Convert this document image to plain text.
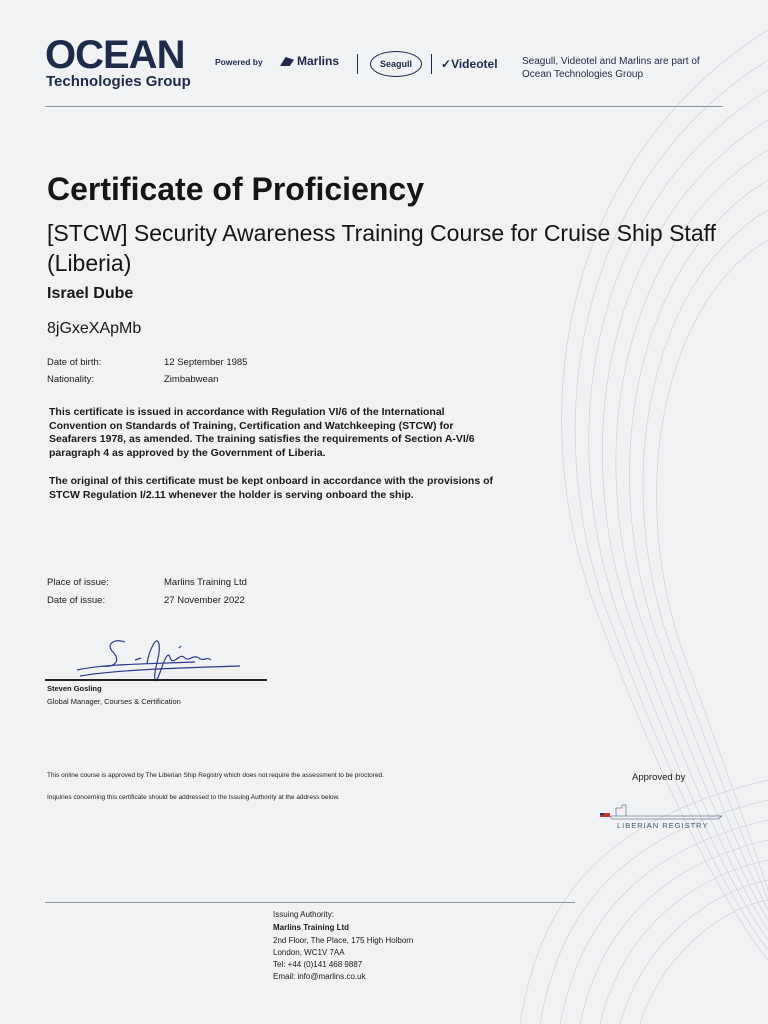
OCEAN
Technologies Group
Powered by	Marlins	Seagull	✓Videotel Seagull, Videotel and Marlins are part of Ocean Technologies Group
Certificate of Proficiency
[STCW] Security Awareness Training Course for Cruise Ship Staff (Liberia)
Israel Dube
8jGxeXApMb
Date of birth:	12 September 1985
Nationality:	Zimbabwean
This certificate is issued in accordance with Regulation VI/6 of the International Convention on Standards of Training, Certification and Watchkeeping (STCW) for Seafarers 1978, as amended. The training satisfies the requirements of Section A-VI/6 paragraph 4 as approved by the Government of Liberia.
The original of this certificate must be kept onboard in accordance with the provisions of STCW Regulation I/2.11 whenever the holder is serving onboard the ship.
Place of issue:	Marlins Training Ltd
Date of issue:	27 November 2022
Steven Gosling
Global Manager, Courses & Certification
This online course is approved by The Liberian Ship Registry which does not require the assessment to be proctored.
Inquiries concerning this certificate should be addressed to the Issuing Authority at the address below.
Approved by
LIBERIAN REGISTRY
Issuing Authority:
Marlins Training Ltd
2nd Floor, The Place, 175 High Holborn
London, WC1V 7AA
Tel: +44 (0)141 468 9887
Email: info@marlins.co.uk
